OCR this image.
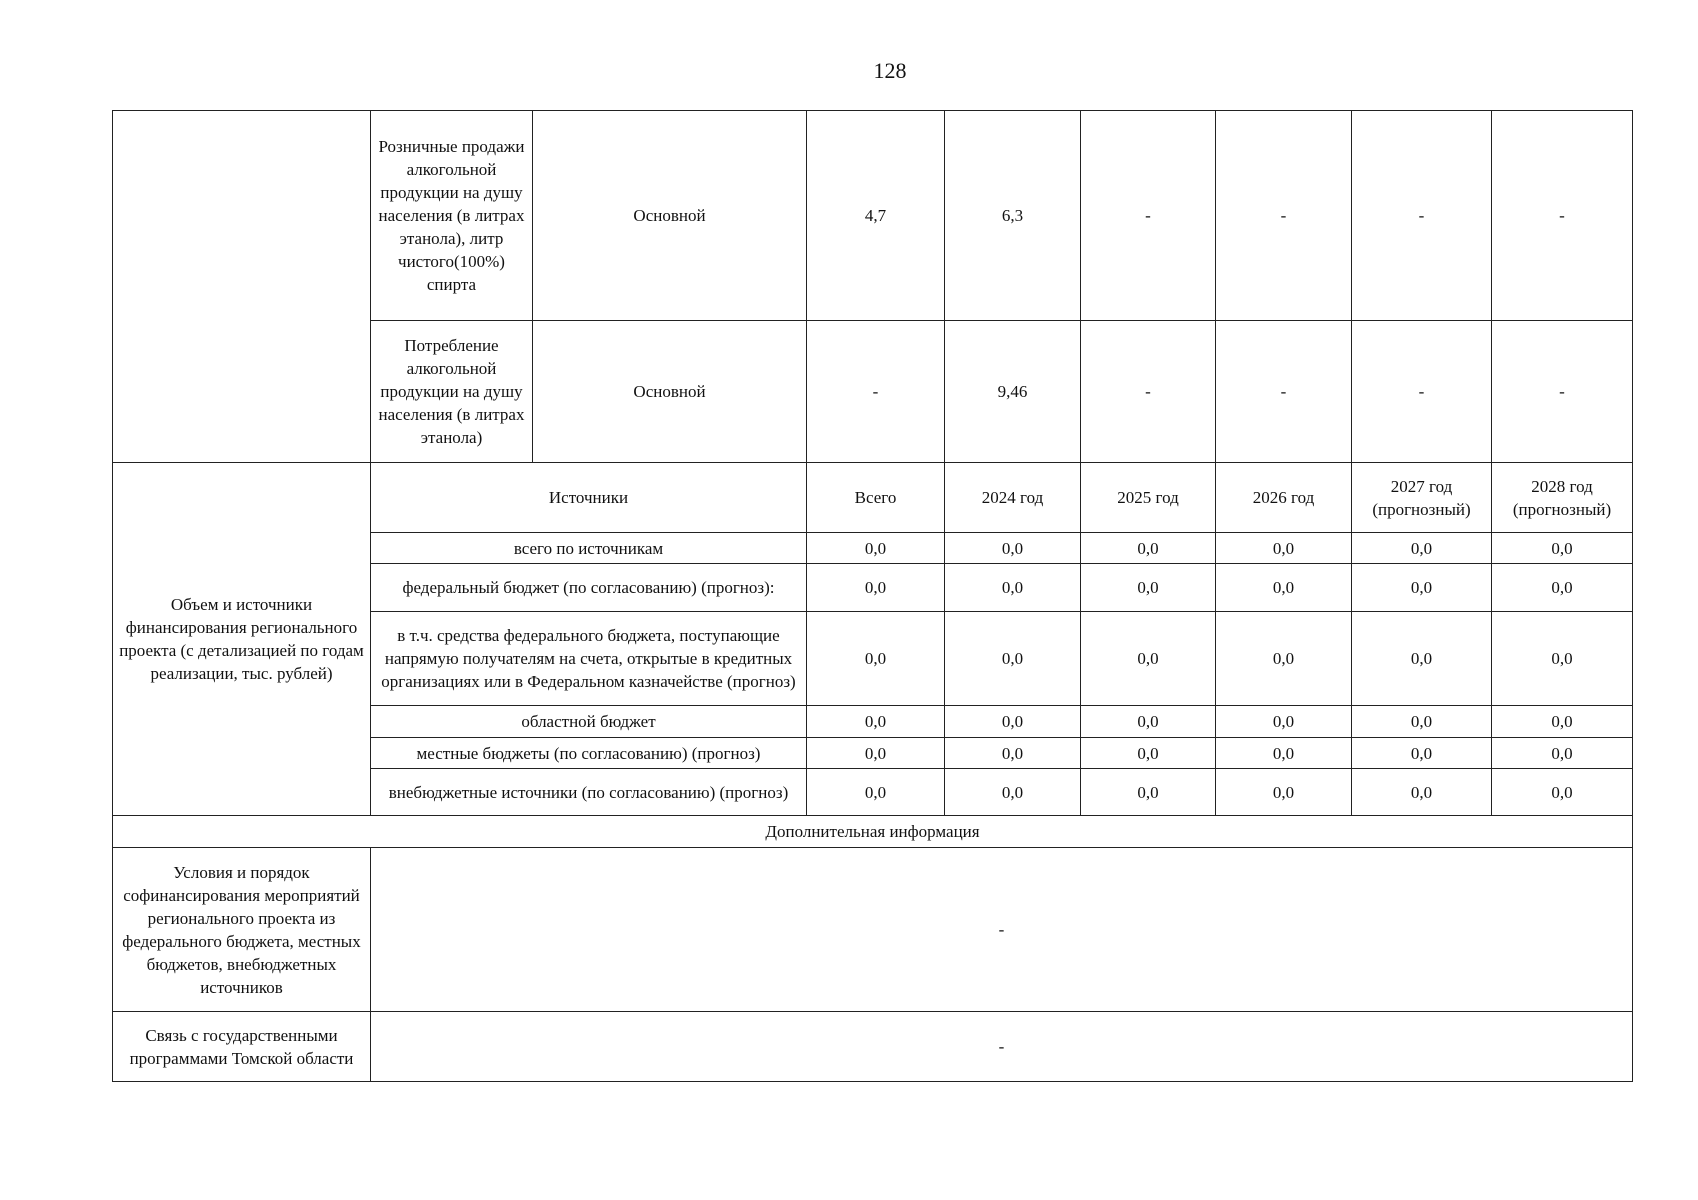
128
	Розничные продажи алкогольной продукции на душу населения (в литрах этанола), литр чистого(100%) спирта	Основной	4,7	6,3	-	-	-	-
	Потребление алкогольной продукции на душу населения (в литрах этанола)	Основной	-	9,46	-	-	-	-
Объем и источники финансирования регионального проекта (с детализацией по годам реализации, тыс. рублей)	Источники		Всего	2024 год	2025 год	2026 год	2027 год (прогнозный)	2028 год (прогнозный)
	всего по источникам		0,0	0,0	0,0	0,0	0,0	0,0
	федеральный бюджет (по согласованию) (прогноз):		0,0	0,0	0,0	0,0	0,0	0,0
	в т.ч. средства федерального бюджета, поступающие напрямую получателям на счета, открытые в кредитных организациях или в Федеральном казначействе (прогноз)		0,0	0,0	0,0	0,0	0,0	0,0
	областной бюджет		0,0	0,0	0,0	0,0	0,0	0,0
	местные бюджеты (по согласованию) (прогноз)		0,0	0,0	0,0	0,0	0,0	0,0
	внебюджетные источники (по согласованию) (прогноз)		0,0	0,0	0,0	0,0	0,0	0,0
Дополнительная информация								
Условия и порядок софинансирования мероприятий регионального проекта из федерального бюджета, местных бюджетов, внебюджетных источников	-							
Связь с государственными программами Томской области	-							
